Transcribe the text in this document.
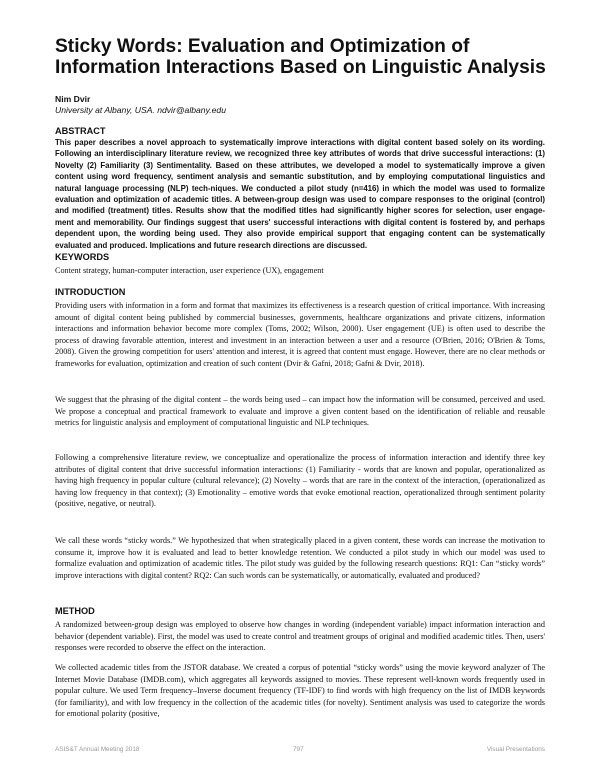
Sticky Words: Evaluation and Optimization of Information Interactions Based on Linguistic Analysis
Nim Dvir
University at Albany, USA. ndvir@albany.edu
ABSTRACT

This paper describes a novel approach to systematically improve interactions with digital content based solely on its wording. Following an interdisciplinary literature review, we recognized three key attributes of words that drive successful interactions: (1) Novelty (2) Familiarity (3) Sentimentality. Based on these attributes, we developed a model to systematically improve a given content using word frequency, sentiment analysis and semantic substitution, and by employing computational linguistics and natural language processing (NLP) tech-niques. We conducted a pilot study (n=416) in which the model was used to formalize evaluation and optimization of academic titles. A between-group design was used to compare responses to the original (control) and modified (treatment) titles. Results show that the modified titles had significantly higher scores for selection, user engage-ment and memorability. Our findings suggest that users' successful interactions with digital content is fostered by, and perhaps dependent upon, the wording being used. They also provide empirical support that engaging content can be systematically evaluated and produced. Implications and future research directions are discussed.

KEYWORDS

Content strategy, human-computer interaction, user experience (UX), engagement

INTRODUCTION

Providing users with information in a form and format that maximizes its effectiveness is a research question of critical importance. With increasing amount of digital content being published by commercial businesses, governments, healthcare organizations and private citizens, information interactions and information behavior become more complex (Toms, 2002; Wilson, 2000). User engagement (UE) is often used to describe the process of drawing favorable attention, interest and investment in an interaction between a user and a resource (O'Brien, 2016; O'Brien & Toms, 2008). Given the growing competition for users' attention and interest, it is agreed that content must engage. However, there are no clear methods or frameworks for evaluation, optimization and creation of such content (Dvir & Gafni, 2018; Gafni & Dvir, 2018).

We suggest that the phrasing of the digital content – the words being used – can impact how the information will be consumed, perceived and used. We propose a conceptual and practical framework to evaluate and improve a given content based on the identification of reliable and reusable metrics for linguistic analysis and employment of computational linguistic and NLP techniques.

Following a comprehensive literature review, we conceptualize and operationalize the process of information interaction and identify three key attributes of digital content that drive successful information interactions: (1) Familiarity - words that are known and popular, operationalized as having high frequency in popular culture (cultural relevance); (2) Novelty – words that are rare in the context of the interaction, (operationalized as having low frequency in that context); (3) Emotionality – emotive words that evoke emotional reaction, operationalized through sentiment polarity (positive, negative, or neutral).

We call these words “sticky words.” We hypothesized that when strategically placed in a given content, these words can increase the motivation to consume it, improve how it is evaluated and lead to better knowledge retention. We conducted a pilot study in which our model was used to formalize evaluation and optimization of academic titles. The pilot study was guided by the following research questions: RQ1: Can “sticky words” improve interactions with digital content? RQ2: Can such words can be systematically, or automatically, evaluated and produced?

METHOD

A randomized between-group design was employed to observe how changes in wording (independent variable) impact information interaction and behavior (dependent variable). First, the model was used to create control and treatment groups of original and modified academic titles. Then, users' responses were recorded to observe the effect on the interaction.

We collected academic titles from the JSTOR database. We created a corpus of potential “sticky words” using the movie keyword analyzer of The Internet Movie Database (IMDB.com), which aggregates all keywords assigned to movies. These represent well-known words frequently used in popular culture. We used Term frequency–Inverse document frequency (TF-IDF) to find words with high frequency on the list of IMDB keywords (for familiarity), and with low frequency in the collection of the academic titles (for novelty). Sentiment analysis was used to categorize the words for emotional polarity (positive,

ASIS&T Annual Meeting 2018	797	Visual Presentations
